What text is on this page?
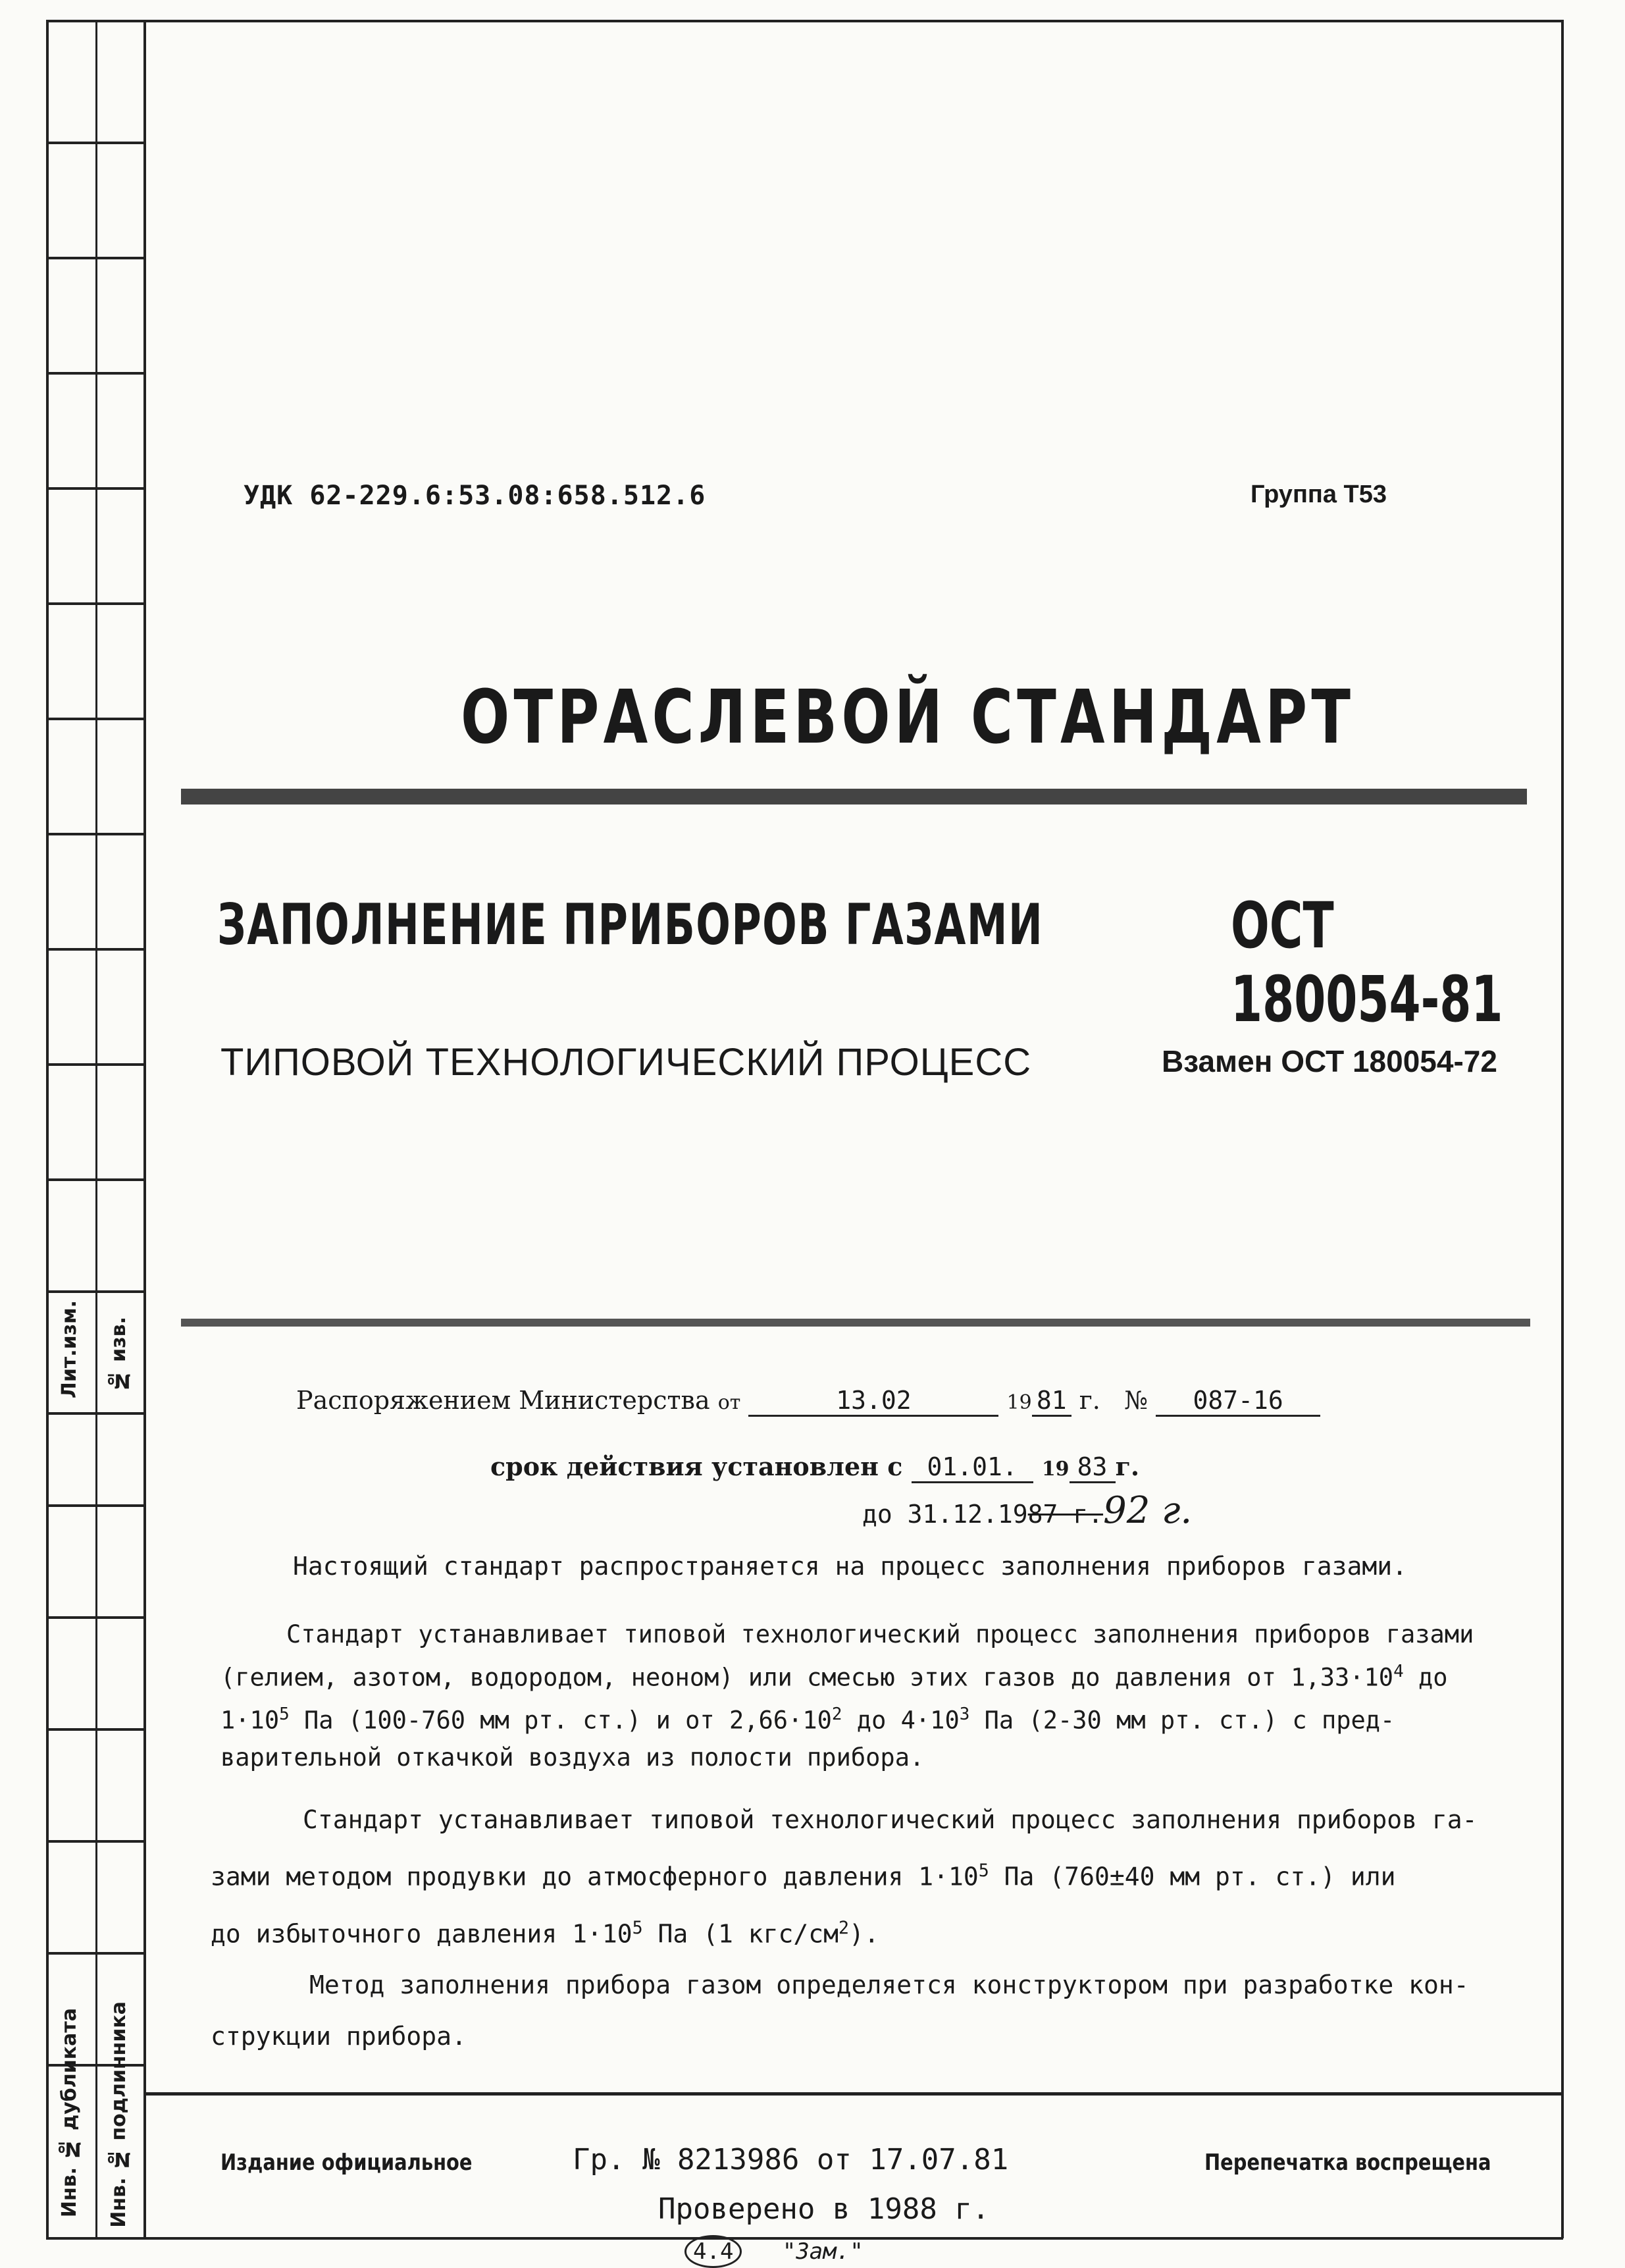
Лит.изм. № изв.
Инв. № дубликата Инв. № подлинника
УДК 62-229.6:53.08:658.512.6	Группа Т53
ОТРАСЛЕВОЙ СТАНДАРТ
ЗАПОЛНЕНИЕ ПРИБОРОВ ГАЗАМИ	ОСТ 180054-81
ТИПОВОЙ ТЕХНОЛОГИЧЕСКИЙ ПРОЦЕСС	Взамен ОСТ 180054-72
Распоряжением Министерства от	13.02	19 81 г. № 087-16
срок действия установлен с 01.01. 19 83 г.
до 31.12.1987 г.92 г.
Настоящий стандарт распространяется на процесс заполнения приборов газами.
Стандарт устанавливает типовой технологический процесс заполнения приборов газами
(гелием, азотом, водородом, неоном) или смесью этих газов до давления от $1,33\cdot 10^4$ до
$1\cdot 10^5$ Па (100-760 мм рт. ст.) и от $2,66\cdot 10^2$ до $4\cdot 10^3$ Па (2-30 мм рт. ст.) с пред-
варительной откачкой воздуха из полости прибора.
Стандарт устанавливает типовой технологический процесс заполнения приборов га-
зами методом продувки до атмосферного давления $1\cdot 10^5$ Па (760±40 мм рт. ст.) или
до избыточного давления $1\cdot 10^5$ Па (1 кгс/$см^2$).
Метод заполнения прибора газом определяется конструктором при разработке кон-
струкции прибора.
Издание официальное	Гр. № 8213986 от 17.07.81
Проверено в 1988 г.
Перепечатка воспрещена
4.4 "Зам."
